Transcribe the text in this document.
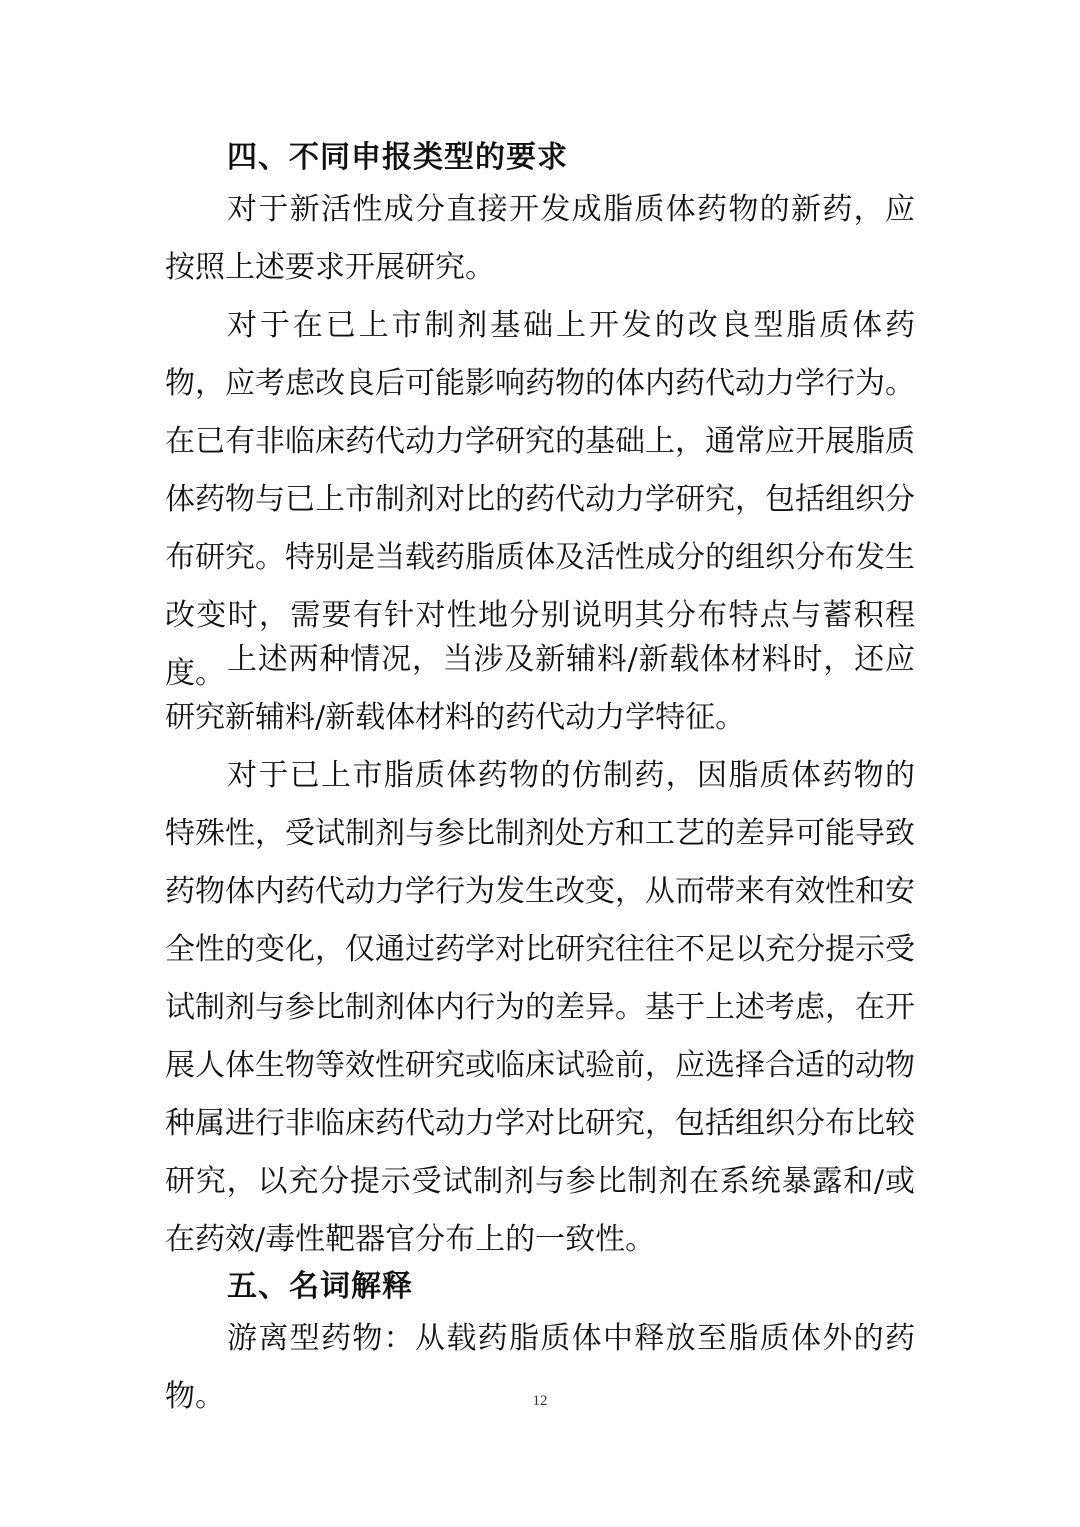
四、不同申报类型的要求

对于新活性成分直接开发成脂质体药物的新药，应按照上述要求开展研究。

对于在已上市制剂基础上开发的改良型脂质体药物，应考虑改良后可能影响药物的体内药代动力学行为。在已有非临床药代动力学研究的基础上，通常应开展脂质体药物与已上市制剂对比的药代动力学研究，包括组织分布研究。特别是当载药脂质体及活性成分的组织分布发生改变时，需要有针对性地分别说明其分布特点与蓄积程度。 上述两种情况，当涉及新辅料/新载体材料时，还应研究新辅料/新载体材料的药代动力学特征。

对于已上市脂质体药物的仿制药，因脂质体药物的特殊性，受试制剂与参比制剂处方和工艺的差异可能导致药物体内药代动力学行为发生改变，从而带来有效性和安全性的变化，仅通过药学对比研究往往不足以充分提示受试制剂与参比制剂体内行为的差异。基于上述考虑，在开展人体生物等效性研究或临床试验前，应选择合适的动物种属进行非临床药代动力学对比研究，包括组织分布比较研究，以充分提示受试制剂与参比制剂在系统暴露和/或在药效/毒性靶器官分布上的一致性。

五、名词解释

游离型药物：从载药脂质体中释放至脂质体外的药物。	12
